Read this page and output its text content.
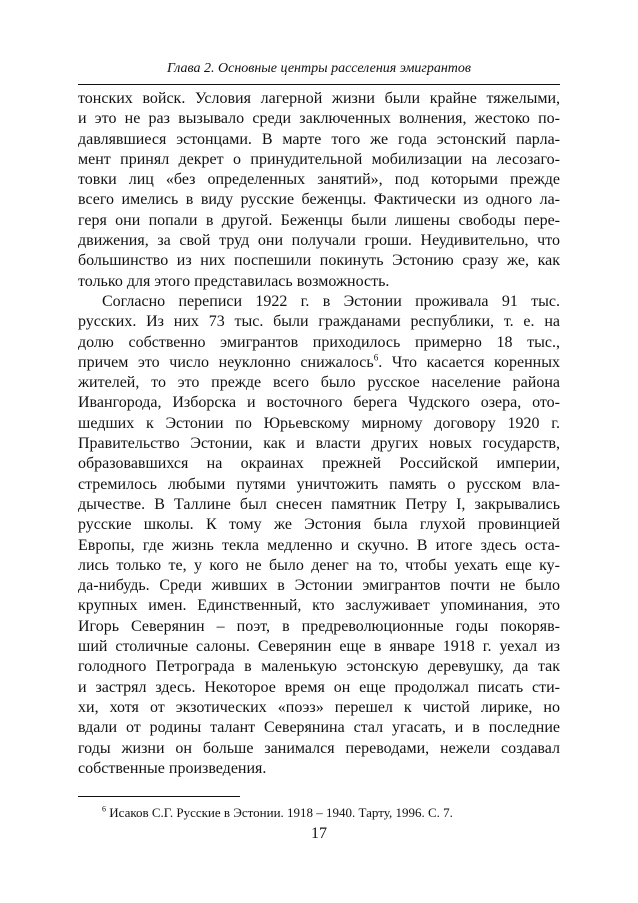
Глава 2. Основные центры расселения эмигрантов
тонских войск. Условия лагерной жизни были крайне тяжелыми,
и это не раз вызывало среди заключенных волнения, жестоко по-
давлявшиеся эстонцами. В марте того же года эстонский парла-
мент принял декрет о принудительной мобилизации на лесозаго-
товки лиц «без определенных занятий», под которыми прежде
всего имелись в виду русские беженцы. Фактически из одного ла-
геря они попали в другой. Беженцы были лишены свободы пере-
движения, за свой труд они получали гроши. Неудивительно, что
большинство из них поспешили покинуть Эстонию сразу же, как
только для этого представилась возможность.
Согласно переписи 1922 г. в Эстонии проживала 91 тыс.
русских. Из них 73 тыс. были гражданами республики, т. е. на
долю собственно эмигрантов приходилось примерно 18 тыс.,
причем это число неуклонно снижалось$^6$. Что касается коренных
жителей, то это прежде всего было русское население района
Ивангорода, Изборска и восточного берега Чудского озера, ото-
шедших к Эстонии по Юрьевскому мирному договору 1920 г.
Правительство Эстонии, как и власти других новых государств,
образовавшихся на окраинах прежней Российской империи,
стремилось любыми путями уничтожить память о русском вла-
дычестве. В Таллине был снесен памятник Петру I, закрывались
русские школы. К тому же Эстония была глухой провинцией
Европы, где жизнь текла медленно и скучно. В итоге здесь оста-
лись только те, у кого не было денег на то, чтобы уехать еще ку-
да-нибудь. Среди живших в Эстонии эмигрантов почти не было
крупных имен. Единственный, кто заслуживает упоминания, это
Игорь Северянин – поэт, в предреволюционные годы покоряв-
ший столичные салоны. Северянин еще в январе 1918 г. уехал из
голодного Петрограда в маленькую эстонскую деревушку, да так
и застрял здесь. Некоторое время он еще продолжал писать сти-
хи, хотя от экзотических «поэз» перешел к чистой лирике, но
вдали от родины талант Северянина стал угасать, и в последние
годы жизни он больше занимался переводами, нежели создавал
собственные произведения.
$^6$ Исаков С.Г. Русские в Эстонии. 1918 – 1940. Тарту, 1996. С. 7.
17
